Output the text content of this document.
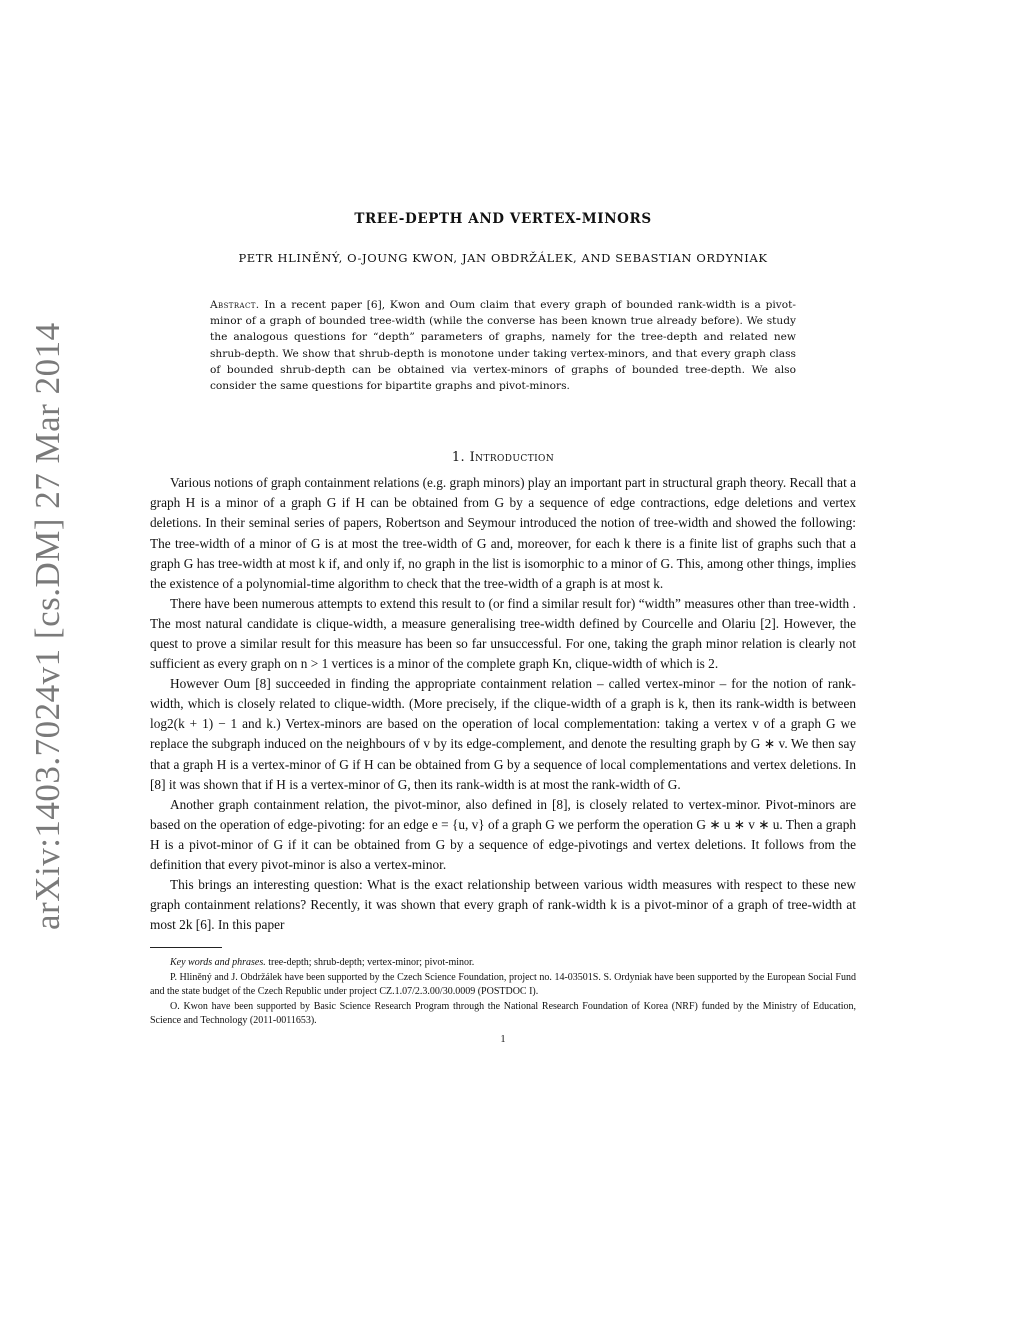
arXiv:1403.7024v1 [cs.DM] 27 Mar 2014
TREE-DEPTH AND VERTEX-MINORS
PETR HLINĚNÝ, O-JOUNG KWON, JAN OBDRŽÁLEK, AND SEBASTIAN ORDYNIAK
Abstract. In a recent paper [6], Kwon and Oum claim that every graph of bounded rank-width is a pivot-minor of a graph of bounded tree-width (while the converse has been known true already before). We study the analogous questions for “depth” parameters of graphs, namely for the tree-depth and related new shrub-depth. We show that shrub-depth is monotone under taking vertex-minors, and that every graph class of bounded shrub-depth can be obtained via vertex-minors of graphs of bounded tree-depth. We also consider the same questions for bipartite graphs and pivot-minors.
1. Introduction

Various notions of graph containment relations (e.g. graph minors) play an important part in structural graph theory. Recall that a graph H is a minor of a graph G if H can be obtained from G by a sequence of edge contractions, edge deletions and vertex deletions. In their seminal series of papers, Robertson and Seymour introduced the notion of tree-width and showed the following: The tree-width of a minor of G is at most the tree-width of G and, moreover, for each k there is a finite list of graphs such that a graph G has tree-width at most k if, and only if, no graph in the list is isomorphic to a minor of G. This, among other things, implies the existence of a polynomial-time algorithm to check that the tree-width of a graph is at most k.

There have been numerous attempts to extend this result to (or find a similar result for) “width” measures other than tree-width . The most natural candidate is clique-width, a measure generalising tree-width defined by Courcelle and Olariu [2]. However, the quest to prove a similar result for this measure has been so far unsuccessful. For one, taking the graph minor relation is clearly not sufficient as every graph on n > 1 vertices is a minor of the complete graph Kn, clique-width of which is 2.

However Oum [8] succeeded in finding the appropriate containment relation – called vertex-minor – for the notion of rank-width, which is closely related to clique-width. (More precisely, if the clique-width of a graph is k, then its rank-width is between log2(k + 1) − 1 and k.) Vertex-minors are based on the operation of local complementation: taking a vertex v of a graph G we replace the subgraph induced on the neighbours of v by its edge-complement, and denote the resulting graph by G ∗ v. We then say that a graph H is a vertex-minor of G if H can be obtained from G by a sequence of local complementations and vertex deletions. In [8] it was shown that if H is a vertex-minor of G, then its rank-width is at most the rank-width of G.

Another graph containment relation, the pivot-minor, also defined in [8], is closely related to vertex-minor. Pivot-minors are based on the operation of edge-pivoting: for an edge e = {u, v} of a graph G we perform the operation G ∗ u ∗ v ∗ u. Then a graph H is a pivot-minor of G if it can be obtained from G by a sequence of edge-pivotings and vertex deletions. It follows from the definition that every pivot-minor is also a vertex-minor.

This brings an interesting question: What is the exact relationship between various width measures with respect to these new graph containment relations? Recently, it was shown that every graph of rank-width k is a pivot-minor of a graph of tree-width at most 2k [6]. In this paper

Key words and phrases. tree-depth; shrub-depth; vertex-minor; pivot-minor.

P. Hliněný and J. Obdržálek have been supported by the Czech Science Foundation, project no. 14-03501S. S. Ordyniak have been supported by the European Social Fund and the state budget of the Czech Republic under project CZ.1.07/2.3.00/30.0009 (POSTDOC I).

O. Kwon have been supported by Basic Science Research Program through the National Research Foundation of Korea (NRF) funded by the Ministry of Education, Science and Technology (2011-0011653).

1
